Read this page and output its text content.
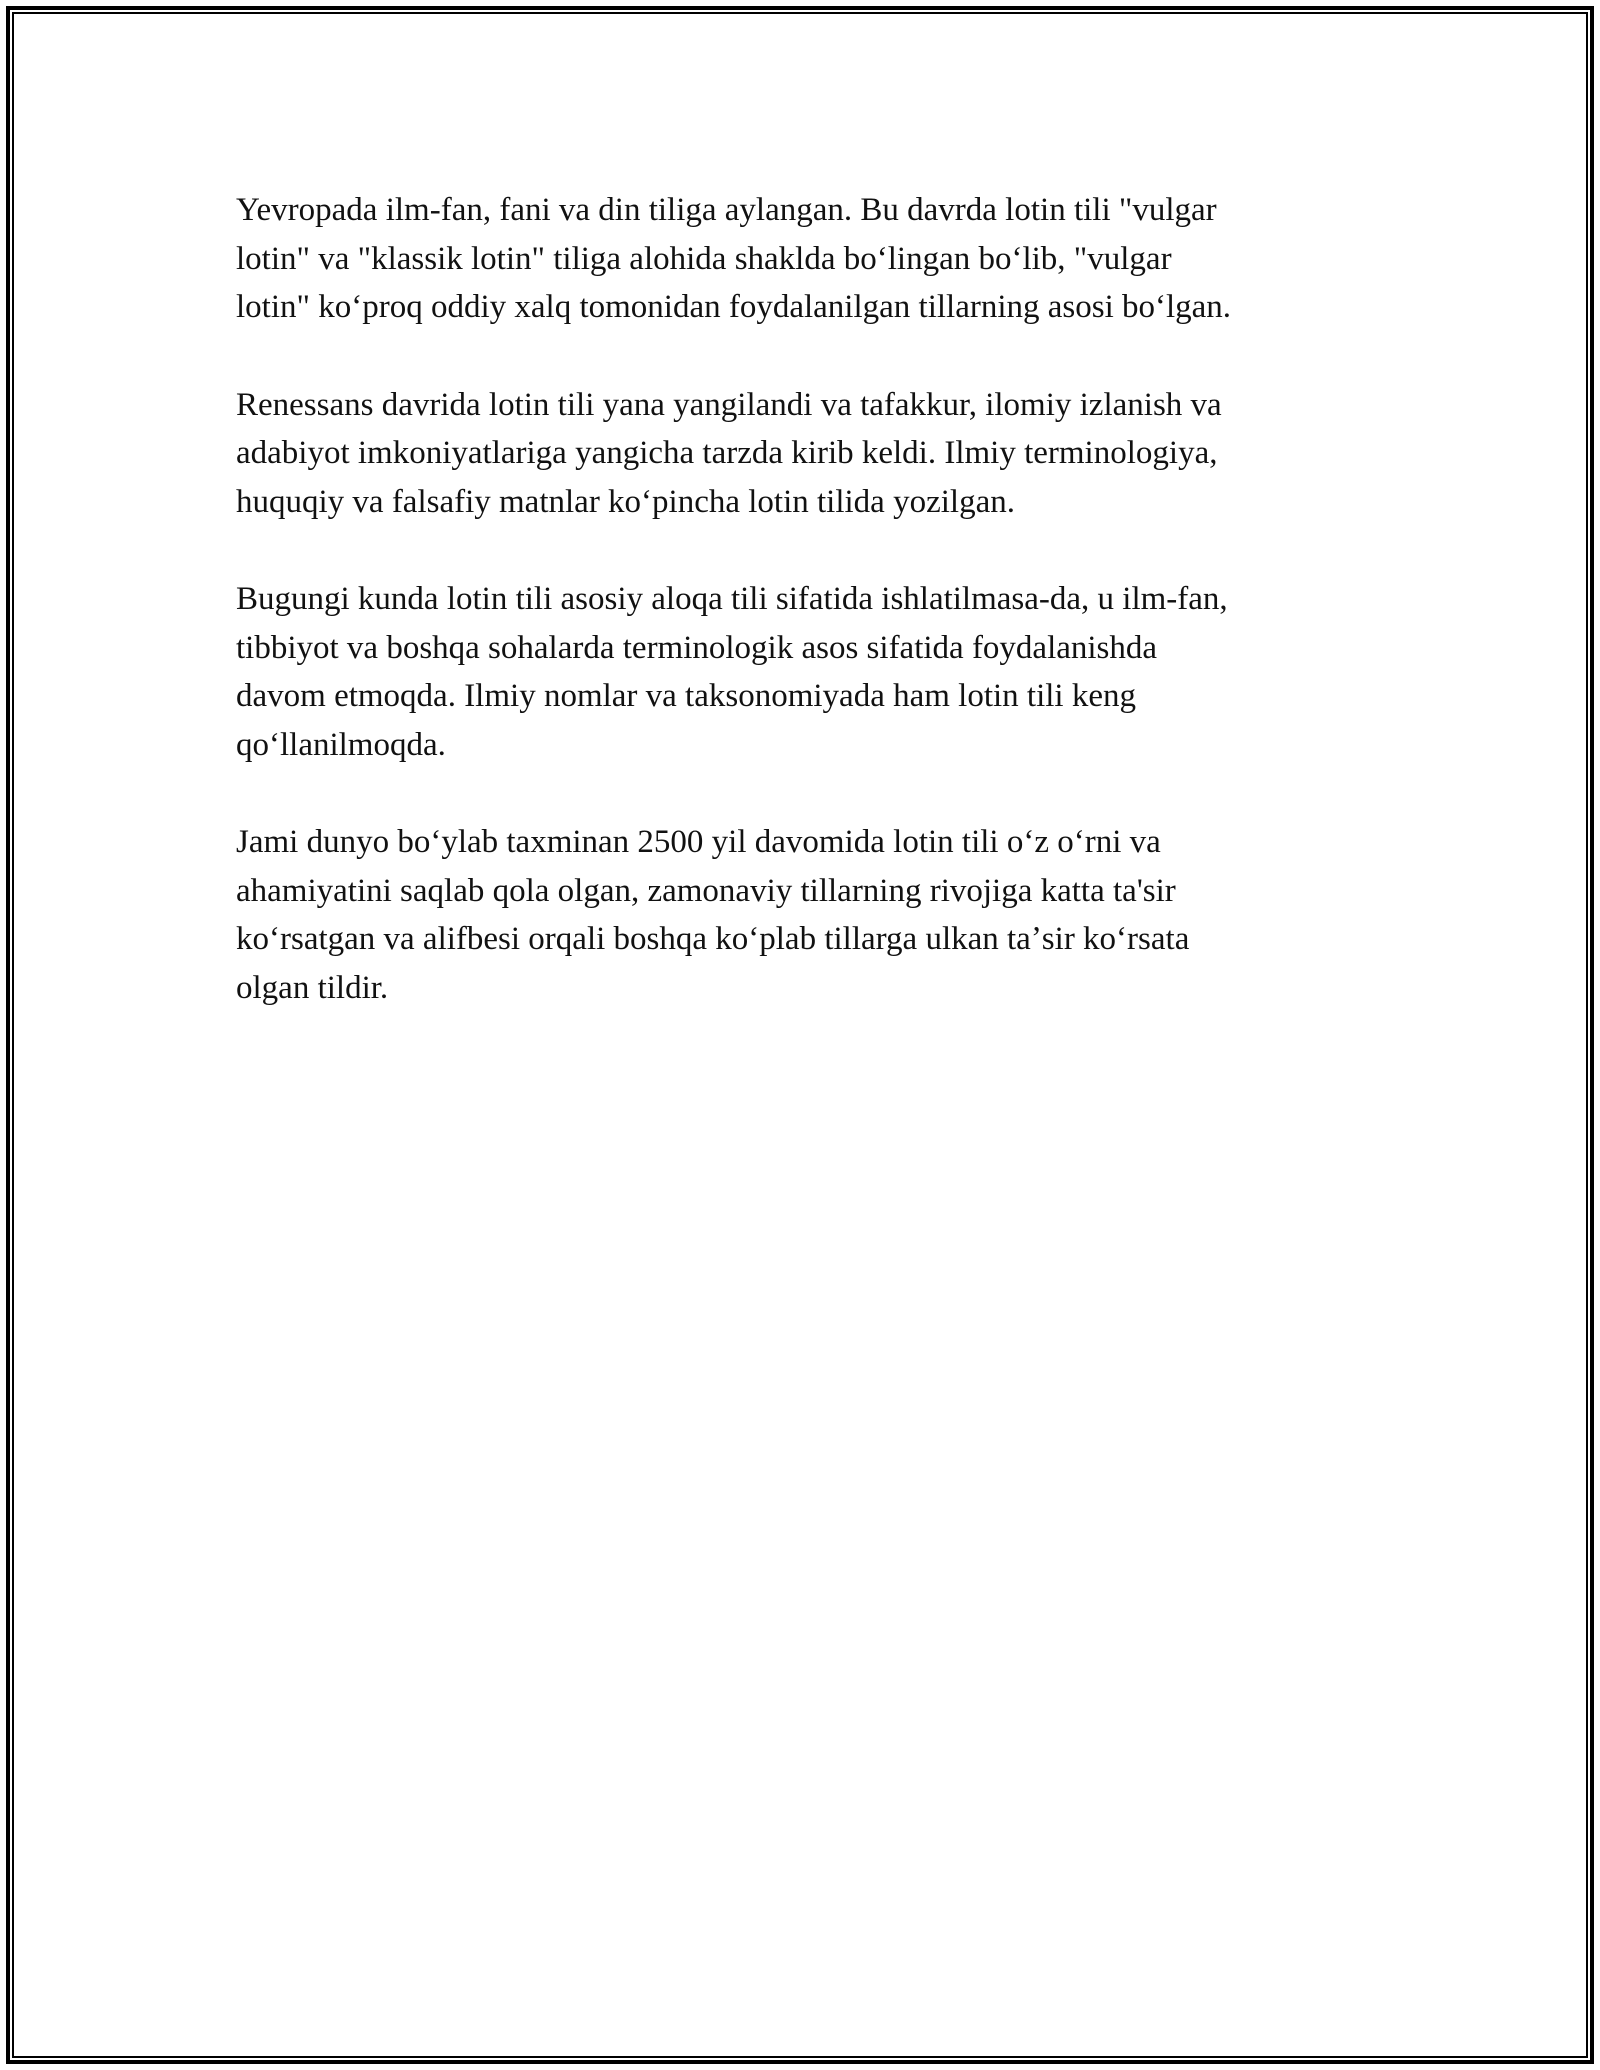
Yevropada ilm-fan, fani va din tiliga aylangan. Bu davrda lotin tili "vulgar
lotin" va "klassik lotin" tiliga alohida shaklda boʻlingan boʻlib, "vulgar
lotin" koʻproq oddiy xalq tomonidan foydalanilgan tillarning asosi boʻlgan.

Renessans davrida lotin tili yana yangilandi va tafakkur, ilomiy izlanish va
adabiyot imkoniyatlariga yangicha tarzda kirib keldi. Ilmiy terminologiya,
huquqiy va falsafiy matnlar koʻpincha lotin tilida yozilgan.

Bugungi kunda lotin tili asosiy aloqa tili sifatida ishlatilmasa-da, u ilm-fan,
tibbiyot va boshqa sohalarda terminologik asos sifatida foydalanishda
davom etmoqda. Ilmiy nomlar va taksonomiyada ham lotin tili keng
qoʻllanilmoqda.

Jami dunyo boʻylab taxminan 2500 yil davomida lotin tili oʻz oʻrni va
ahamiyatini saqlab qola olgan, zamonaviy tillarning rivojiga katta ta'sir
koʻrsatgan va alifbesi orqali boshqa koʻplab tillarga ulkan taʼsir koʻrsata
olgan tildir.
